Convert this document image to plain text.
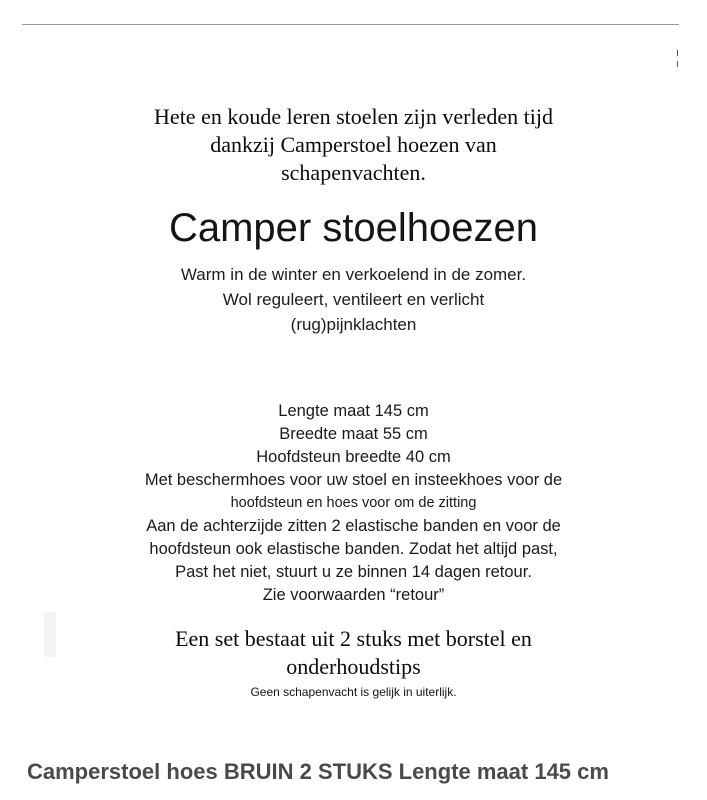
Hete en koude leren stoelen zijn verleden tijd
dankzij Camperstoel hoezen van
schapenvachten.
Camper stoelhoezen
Warm in de winter en verkoelend in de zomer.
Wol reguleert, ventileert en verlicht
(rug)pijnklachten
Lengte maat 145 cm
Breedte maat 55 cm
Hoofdsteun breedte 40 cm
Met beschermhoes voor uw stoel en insteekhoes voor de
hoofdsteun en hoes voor om de zitting
Aan de achterzijde zitten 2 elastische banden en voor de
hoofdsteun ook elastische banden. Zodat het altijd past,
Past het niet, stuurt u ze binnen 14 dagen retour.
Zie voorwaarden “retour”
Een set bestaat uit 2 stuks met borstel en
onderhoudstips
Geen schapenvacht is gelijk in uiterlijk.
Camperstoel hoes BRUIN 2 STUKS Lengte maat 145 cm
